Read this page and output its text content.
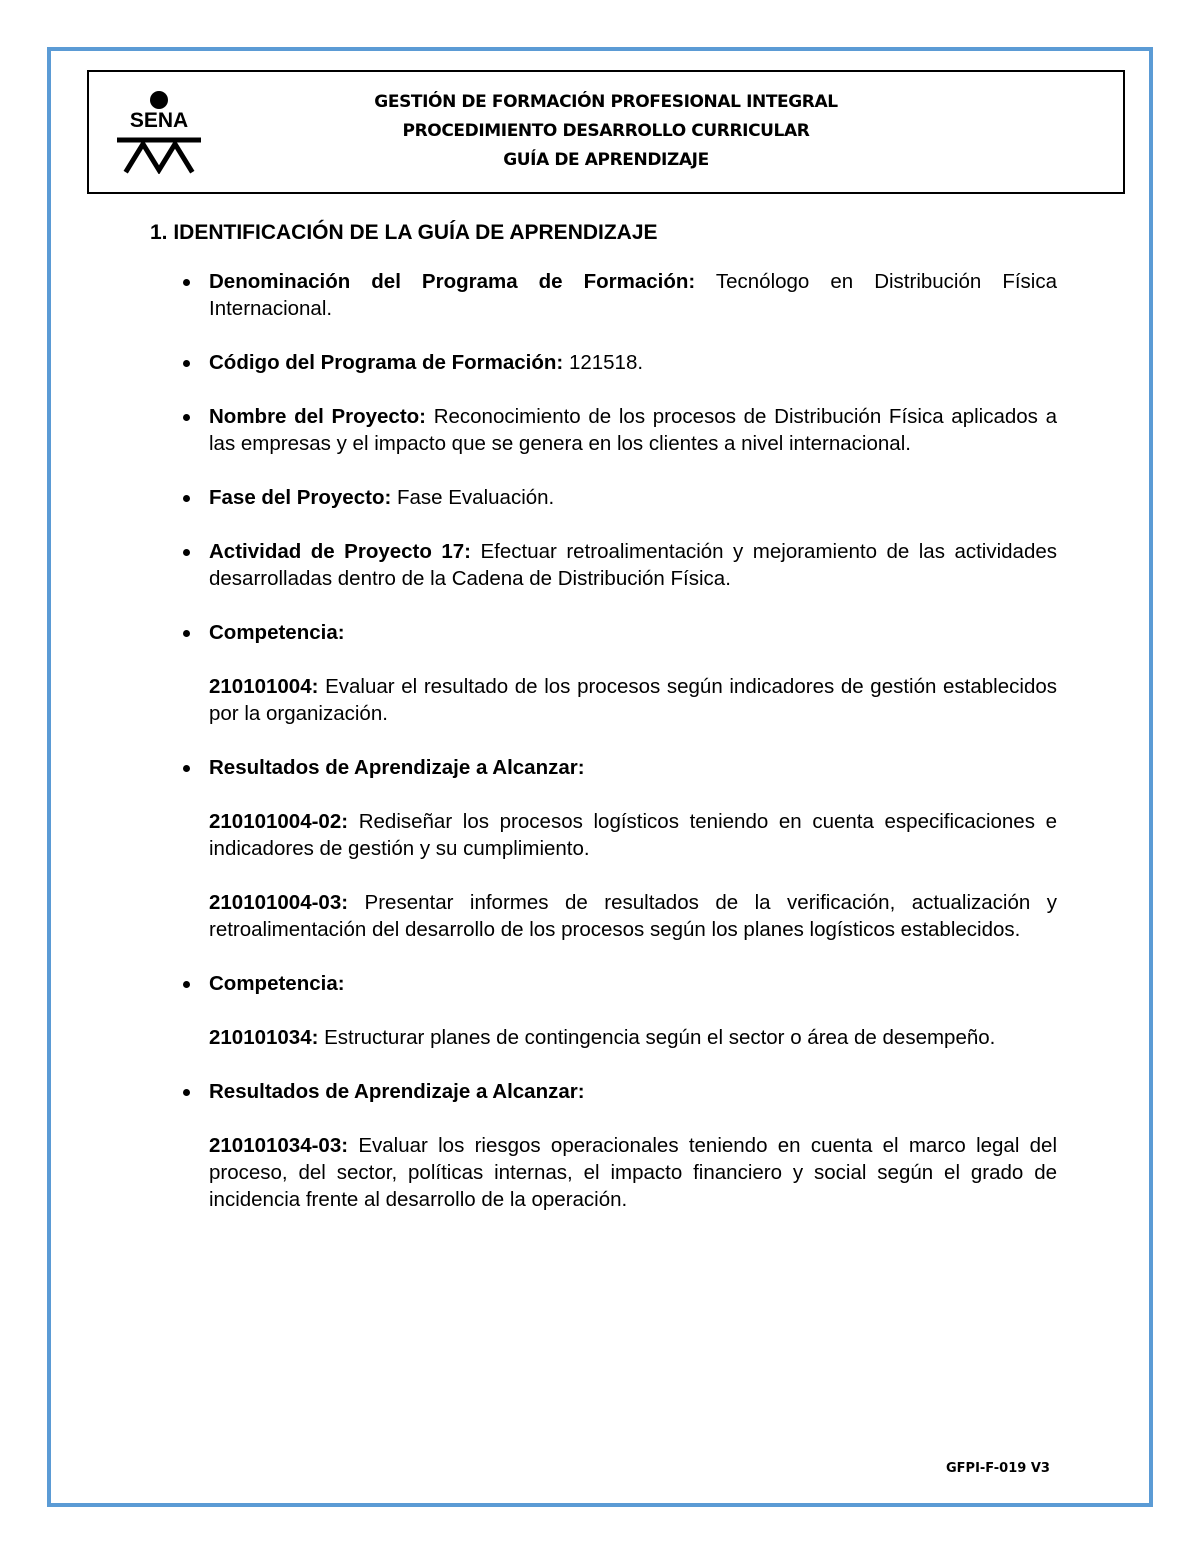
SENA
GESTIÓN DE FORMACIÓN PROFESIONAL INTEGRAL
PROCEDIMIENTO DESARROLLO CURRICULAR
GUÍA DE APRENDIZAJE
1. IDENTIFICACIÓN DE LA GUÍA DE APRENDIZAJE
Denominación del Programa de Formación: Tecnólogo en Distribución Física Internacional.
Código del Programa de Formación: 121518.
Nombre del Proyecto: Reconocimiento de los procesos de Distribución Física aplicados a las empresas y el impacto que se genera en los clientes a nivel internacional.
Fase del Proyecto: Fase Evaluación.
Actividad de Proyecto 17: Efectuar retroalimentación y mejoramiento de las actividades desarrolladas dentro de la Cadena de Distribución Física.
Competencia:
210101004: Evaluar el resultado de los procesos según indicadores de gestión establecidos por la organización.
Resultados de Aprendizaje a Alcanzar:
210101004-02: Rediseñar los procesos logísticos teniendo en cuenta especificaciones e indicadores de gestión y su cumplimiento.
210101004-03: Presentar informes de resultados de la verificación, actualización y retroalimentación del desarrollo de los procesos según los planes logísticos establecidos.
Competencia:
210101034: Estructurar planes de contingencia según el sector o área de desempeño.
Resultados de Aprendizaje a Alcanzar:
210101034-03: Evaluar los riesgos operacionales teniendo en cuenta el marco legal del proceso, del sector, políticas internas, el impacto financiero y social según el grado de incidencia frente al desarrollo de la operación.
GFPI-F-019 V3
